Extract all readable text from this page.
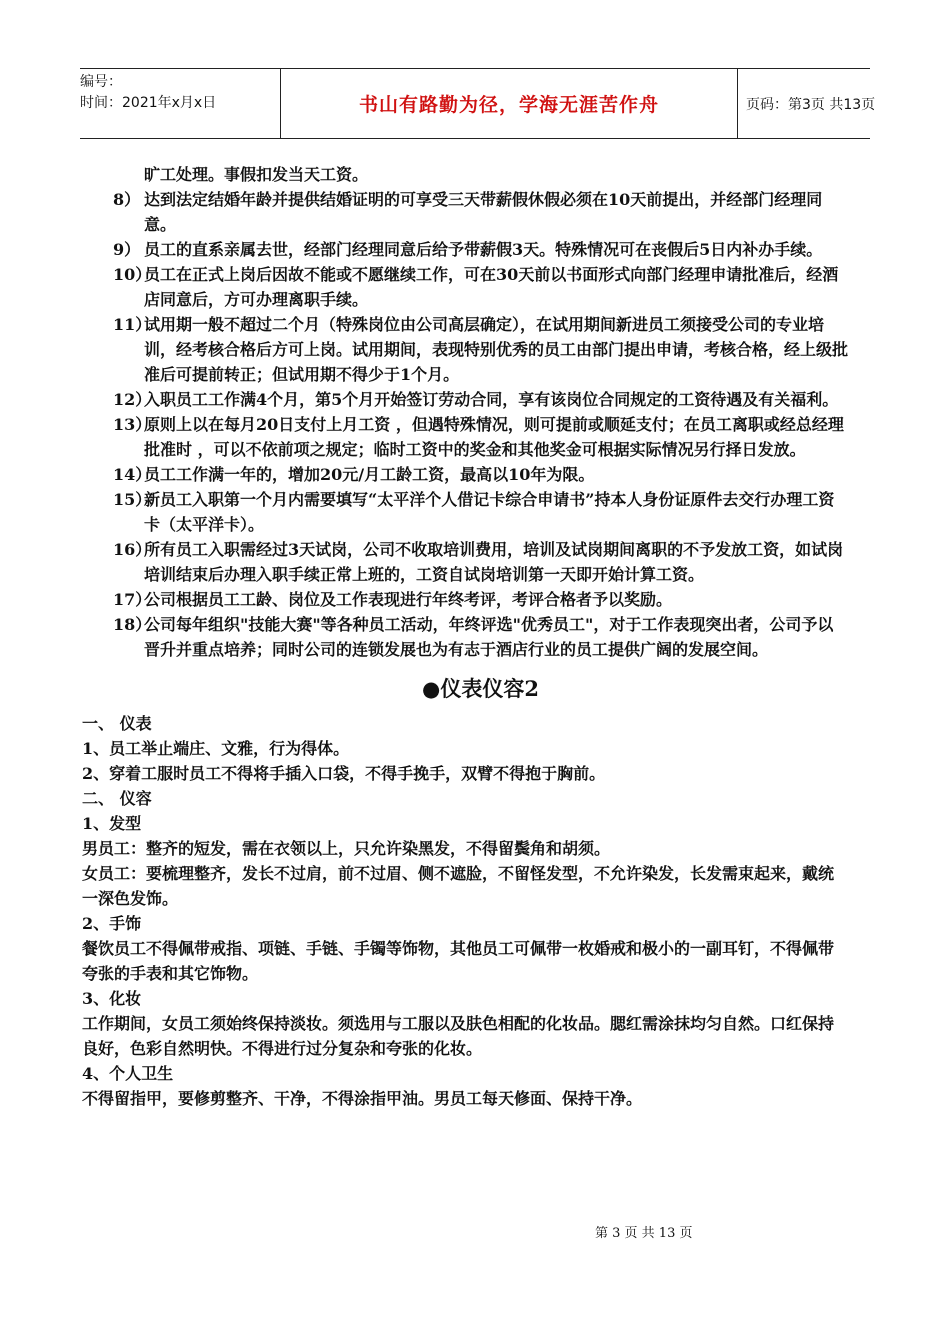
编号：
时间：2021年x月x日	书山有路勤为径，学海无涯苦作舟	页码：第3页 共13页
旷工处理。事假扣发当天工资。
8） 达到法定结婚年龄并提供结婚证明的可享受三天带薪假休假必须在10天前提出，并经部门经理同意。
9） 员工的直系亲属去世，经部门经理同意后给予带薪假3天。特殊情况可在丧假后5日内补办手续。
10）
员工在正式上岗后因故不能或不愿继续工作，可在30天前以书面形式向部门经理申请批准后，经酒店同意后，方可办理离职手续。
11）
试用期一般不超过二个月（特殊岗位由公司高层确定），在试用期间新进员工须接受公司的专业培训，经考核合格后方可上岗。试用期间，表现特别优秀的员工由部门提出申请，考核合格，经上级批准后可提前转正；但试用期不得少于1个月。
12）
入职员工工作满4个月，第5个月开始签订劳动合同，享有该岗位合同规定的工资待遇及有关福利。
13）
原则上以在每月20日支付上月工资 ，但遇特殊情况，则可提前或顺延支付；在员工离职或经总经理批准时 ，可以不依前项之规定；临时工资中的奖金和其他奖金可根据实际情况另行择日发放。
14）
员工工作满一年的，增加20元/月工龄工资，最高以10年为限。
15）
新员工入职第一个月内需要填写“太平洋个人借记卡综合申请书”持本人身份证原件去交行办理工资卡（太平洋卡）。
16）
所有员工入职需经过3天试岗，公司不收取培训费用，培训及试岗期间离职的不予发放工资，如试岗培训结束后办理入职手续正常上班的，工资自试岗培训第一天即开始计算工资。
17）
公司根据员工工龄、岗位及工作表现进行年终考评，考评合格者予以奖励。
18）
公司每年组织"技能大赛"等各种员工活动，年终评选"优秀员工"，对于工作表现突出者，公司予以晋升并重点培养；同时公司的连锁发展也为有志于酒店行业的员工提供广阔的发展空间。
●仪表仪容2
一、 仪表
1、员工举止端庄、文雅，行为得体。
2、穿着工服时员工不得将手插入口袋，不得手挽手，双臂不得抱于胸前。
二、 仪容
1、发型
男员工：整齐的短发，需在衣领以上，只允许染黑发，不得留鬓角和胡须。
女员工：要梳理整齐，发长不过肩，前不过眉、侧不遮脸，不留怪发型，不允许染发，长发需束起来，戴统一深色发饰。
2、手饰
餐饮员工不得佩带戒指、项链、手链、手镯等饰物，其他员工可佩带一枚婚戒和极小的一副耳钉，不得佩带夸张的手表和其它饰物。
3、化妆
工作期间，女员工须始终保持淡妆。须选用与工服以及肤色相配的化妆品。腮红需涂抹均匀自然。口红保持良好，色彩自然明快。不得进行过分复杂和夸张的化妆。
4、个人卫生
不得留指甲，要修剪整齐、干净，不得涂指甲油。男员工每天修面、保持干净。
第 3 页 共 13 页
